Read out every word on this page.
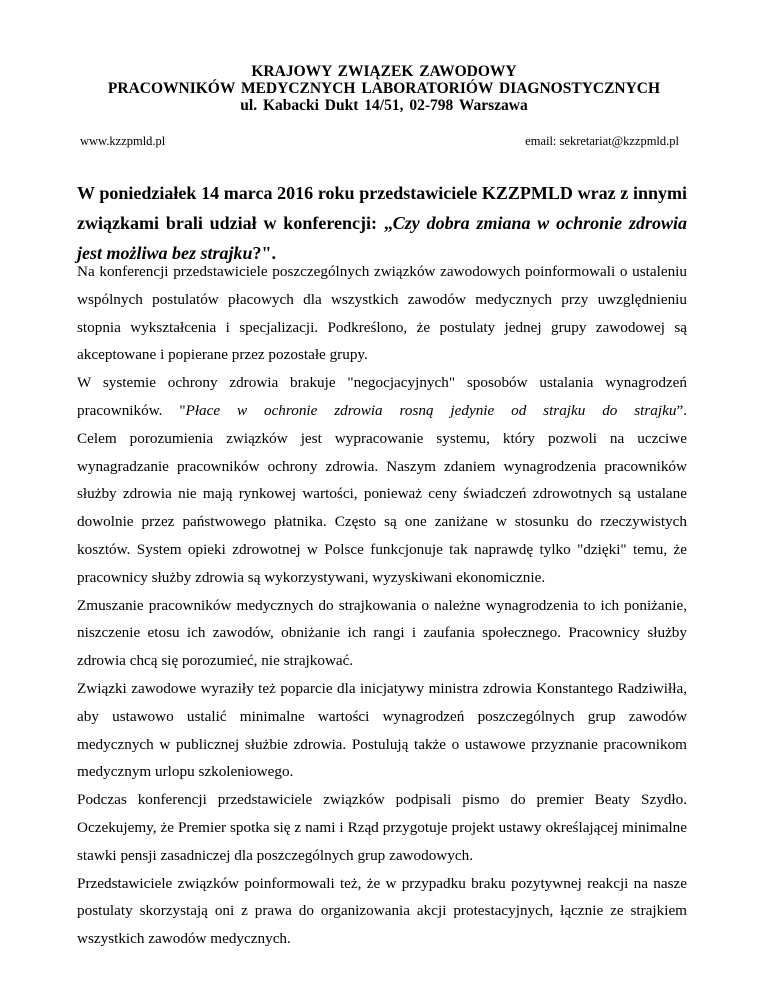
KRAJOWY ZWIĄZEK ZAWODOWY
PRACOWNIKÓW MEDYCZNYCH LABORATORIÓW DIAGNOSTYCZNYCH
ul. Kabacki Dukt 14/51, 02-798 Warszawa
www.kzzpmld.pl	email: sekretariat@kzzpmld.pl
W poniedziałek 14 marca 2016 roku przedstawiciele KZZPMLD wraz z innymi związkami brali udział w konferencji: „Czy dobra zmiana w ochronie zdrowia jest możliwa bez strajku?".

Na konferencji przedstawiciele poszczególnych związków zawodowych poinformowali o ustaleniu wspólnych postulatów płacowych dla wszystkich zawodów medycznych przy uwzględnieniu stopnia wykształcenia i specjalizacji. Podkreślono, że postulaty jednej grupy zawodowej są akceptowane i popierane przez pozostałe grupy.

W systemie ochrony zdrowia brakuje "negocjacyjnych" sposobów ustalania wynagrodzeń

pracowników. "Płace w ochronie zdrowia rosną jedynie od strajku do strajku”.

Celem porozumienia związków jest wypracowanie systemu, który pozwoli na uczciwe wynagradzanie pracowników ochrony zdrowia. Naszym zdaniem wynagrodzenia pracowników służby zdrowia nie mają rynkowej wartości, ponieważ ceny świadczeń zdrowotnych są ustalane dowolnie przez państwowego płatnika. Często są one zaniżane w stosunku do rzeczywistych kosztów. System opieki zdrowotnej w Polsce funkcjonuje tak naprawdę tylko "dzięki" temu, że pracownicy służby zdrowia są wykorzystywani, wyzyskiwani ekonomicznie.

Zmuszanie pracowników medycznych do strajkowania o należne wynagrodzenia to ich poniżanie, niszczenie etosu ich zawodów, obniżanie ich rangi i zaufania społecznego. Pracownicy służby zdrowia chcą się porozumieć, nie strajkować.

Związki zawodowe wyraziły też poparcie dla inicjatywy ministra zdrowia Konstantego Radziwiłła, aby ustawowo ustalić minimalne wartości wynagrodzeń poszczególnych grup zawodów medycznych w publicznej służbie zdrowia. Postulują także o ustawowe przyznanie pracownikom medycznym urlopu szkoleniowego.

Podczas konferencji przedstawiciele związków podpisali pismo do premier Beaty Szydło. Oczekujemy, że Premier spotka się z nami i Rząd przygotuje projekt ustawy określającej minimalne stawki pensji zasadniczej dla poszczególnych grup zawodowych.

Przedstawiciele związków poinformowali też, że w przypadku braku pozytywnej reakcji na nasze postulaty skorzystają oni z prawa do organizowania akcji protestacyjnych, łącznie ze strajkiem wszystkich zawodów medycznych.
